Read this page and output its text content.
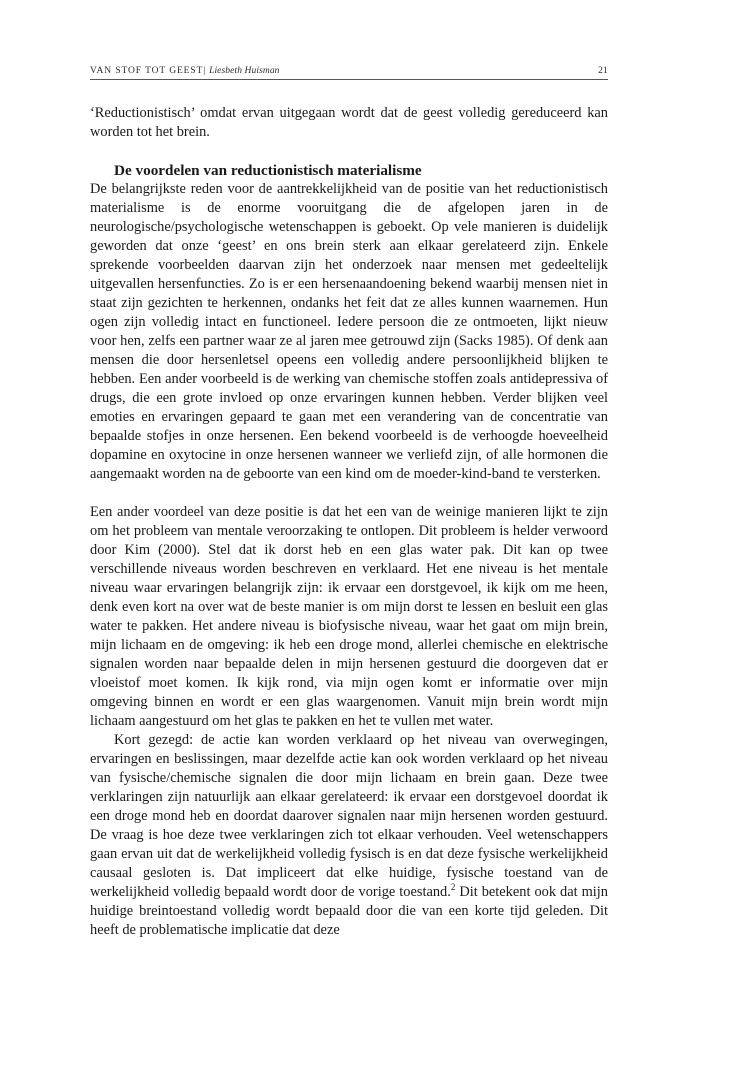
VAN STOF TOT GEEST| Liesbeth Huisman	21

‘Reductionistisch’ omdat ervan uitgegaan wordt dat de geest volledig gereduceerd kan worden tot het brein.

De voordelen van reductionistisch materialisme

De belangrijkste reden voor de aantrekkelijkheid van de positie van het reductionistisch materialisme is de enorme vooruitgang die de afgelopen jaren in de neurologische/psychologische wetenschappen is geboekt. Op vele manieren is duidelijk geworden dat onze ‘geest’ en ons brein sterk aan elkaar gerelateerd zijn. Enkele sprekende voorbeelden daarvan zijn het onderzoek naar mensen met gedeeltelijk uitgevallen hersenfuncties. Zo is er een hersenaandoening bekend waarbij mensen niet in staat zijn gezichten te herkennen, ondanks het feit dat ze alles kunnen waarnemen. Hun ogen zijn volledig intact en functioneel. Iedere persoon die ze ontmoeten, lijkt nieuw voor hen, zelfs een partner waar ze al jaren mee getrouwd zijn (Sacks 1985). Of denk aan mensen die door hersenletsel opeens een volledig andere persoonlijkheid blijken te hebben. Een ander voorbeeld is de werking van chemische stoffen zoals antidepressiva of drugs, die een grote invloed op onze ervaringen kunnen hebben. Verder blijken veel emoties en ervaringen gepaard te gaan met een verandering van de concentratie van bepaalde stofjes in onze hersenen. Een bekend voorbeeld is de verhoogde hoeveelheid dopamine en oxytocine in onze hersenen wanneer we verliefd zijn, of alle hormonen die aangemaakt worden na de geboorte van een kind om de moeder-kind-band te versterken.

Een ander voordeel van deze positie is dat het een van de weinige manieren lijkt te zijn om het probleem van mentale veroorzaking te ontlopen. Dit probleem is helder verwoord door Kim (2000). Stel dat ik dorst heb en een glas water pak. Dit kan op twee verschillende niveaus worden beschreven en verklaard. Het ene niveau is het mentale niveau waar ervaringen belangrijk zijn: ik ervaar een dorstgevoel, ik kijk om me heen, denk even kort na over wat de beste manier is om mijn dorst te lessen en besluit een glas water te pakken. Het andere niveau is biofysische niveau, waar het gaat om mijn brein, mijn lichaam en de omgeving: ik heb een droge mond, allerlei chemische en elektrische signalen worden naar bepaalde delen in mijn hersenen gestuurd die doorgeven dat er vloeistof moet komen. Ik kijk rond, via mijn ogen komt er informatie over mijn omgeving binnen en wordt er een glas waargenomen. Vanuit mijn brein wordt mijn lichaam aangestuurd om het glas te pakken en het te vullen met water.

Kort gezegd: de actie kan worden verklaard op het niveau van overwegingen, ervaringen en beslissingen, maar dezelfde actie kan ook worden verklaard op het niveau van fysische/chemische signalen die door mijn lichaam en brein gaan. Deze twee verklaringen zijn natuurlijk aan elkaar gerelateerd: ik ervaar een dorstgevoel doordat ik een droge mond heb en doordat daarover signalen naar mijn hersenen worden gestuurd. De vraag is hoe deze twee verklaringen zich tot elkaar verhouden. Veel wetenschappers gaan ervan uit dat de werkelijkheid volledig fysisch is en dat deze fysische werkelijkheid causaal gesloten is. Dat impliceert dat elke huidige, fysische toestand van de werkelijkheid volledig bepaald wordt door de vorige toestand.$^2$ Dit betekent ook dat mijn huidige breintoestand volledig wordt bepaald door die van een korte tijd geleden. Dit heeft de problematische implicatie dat deze
